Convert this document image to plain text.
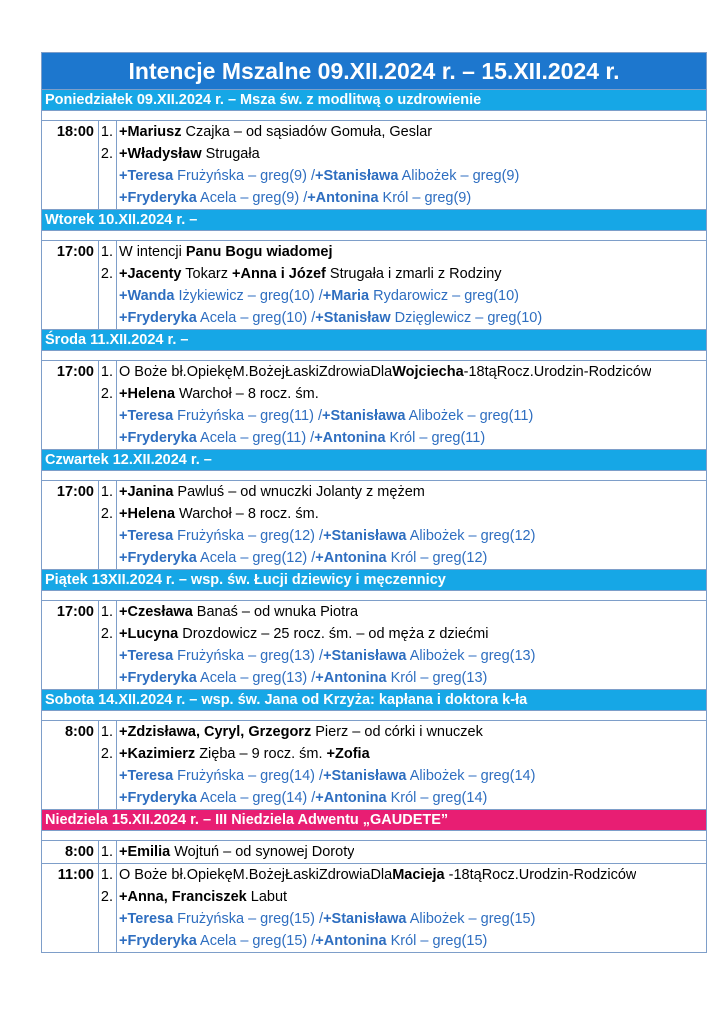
Intencje Mszalne 09.XII.2024 r. – 15.XII.2024 r.
Poniedziałek 09.XII.2024 r. – Msza św. z modlitwą o uzdrowienie
18:00 1. +Mariusz Czajka – od sąsiadów Gomuła, Geslar
2. +Władysław Strugała
+Teresa Frużyńska – greg(9) /+Stanisława Alibożek – greg(9)
+Fryderyka Acela – greg(9) /+Antonina Król – greg(9)
Wtorek 10.XII.2024 r. –
17:00 1. W intencji Panu Bogu wiadomej
2. +Jacenty Tokarz +Anna i Józef Strugała i zmarli z Rodziny
+Wanda Iżykiewicz – greg(10) /+Maria Rydarowicz – greg(10)
+Fryderyka Acela – greg(10) /+Stanisław Dzięglewicz – greg(10)
Środa 11.XII.2024 r. –
17:00 1. O Boże bł.OpiekęM.BożejŁaskiZdrowiaDlaWojciecha-18tąRocz.Urodzin-Rodziców
2. +Helena Warchoł – 8 rocz. śm.
+Teresa Frużyńska – greg(11) /+Stanisława Alibożek – greg(11)
+Fryderyka Acela – greg(11) /+Antonina Król – greg(11)
Czwartek 12.XII.2024 r. –
17:00 1. +Janina Pawluś – od wnuczki Jolanty z mężem
2. +Helena Warchoł – 8 rocz. śm.
+Teresa Frużyńska – greg(12) /+Stanisława Alibożek – greg(12)
+Fryderyka Acela – greg(12) /+Antonina Król – greg(12)
Piątek 13XII.2024 r. – wsp. św. Łucji dziewicy i męczennicy
17:00 1. +Czesława Banaś – od wnuka Piotra
2. +Lucyna Drozdowicz – 25 rocz. śm. – od męża z dziećmi
+Teresa Frużyńska – greg(13) /+Stanisława Alibożek – greg(13)
+Fryderyka Acela – greg(13) /+Antonina Król – greg(13)
Sobota 14.XII.2024 r. – wsp. św. Jana od Krzyża: kapłana i doktora k-ła
8:00 1. +Zdzisława, Cyryl, Grzegorz Pierz – od córki i wnuczek
2. +Kazimierz Zięba – 9 rocz. śm. +Zofia
+Teresa Frużyńska – greg(14) /+Stanisława Alibożek – greg(14)
+Fryderyka Acela – greg(14) /+Antonina Król – greg(14)
Niedziela 15.XII.2024 r. – III Niedziela Adwentu „GAUDETE”
8:00 1. +Emilia Wojtuń – od synowej Doroty
11:00 1. O Boże bł.OpiekęM.BożejŁaskiZdrowiaDlaMacieja -18tąRocz.Urodzin-Rodziców
2. +Anna, Franciszek Labut
+Teresa Frużyńska – greg(15) /+Stanisława Alibożek – greg(15)
+Fryderyka Acela – greg(15) /+Antonina Król – greg(15)
